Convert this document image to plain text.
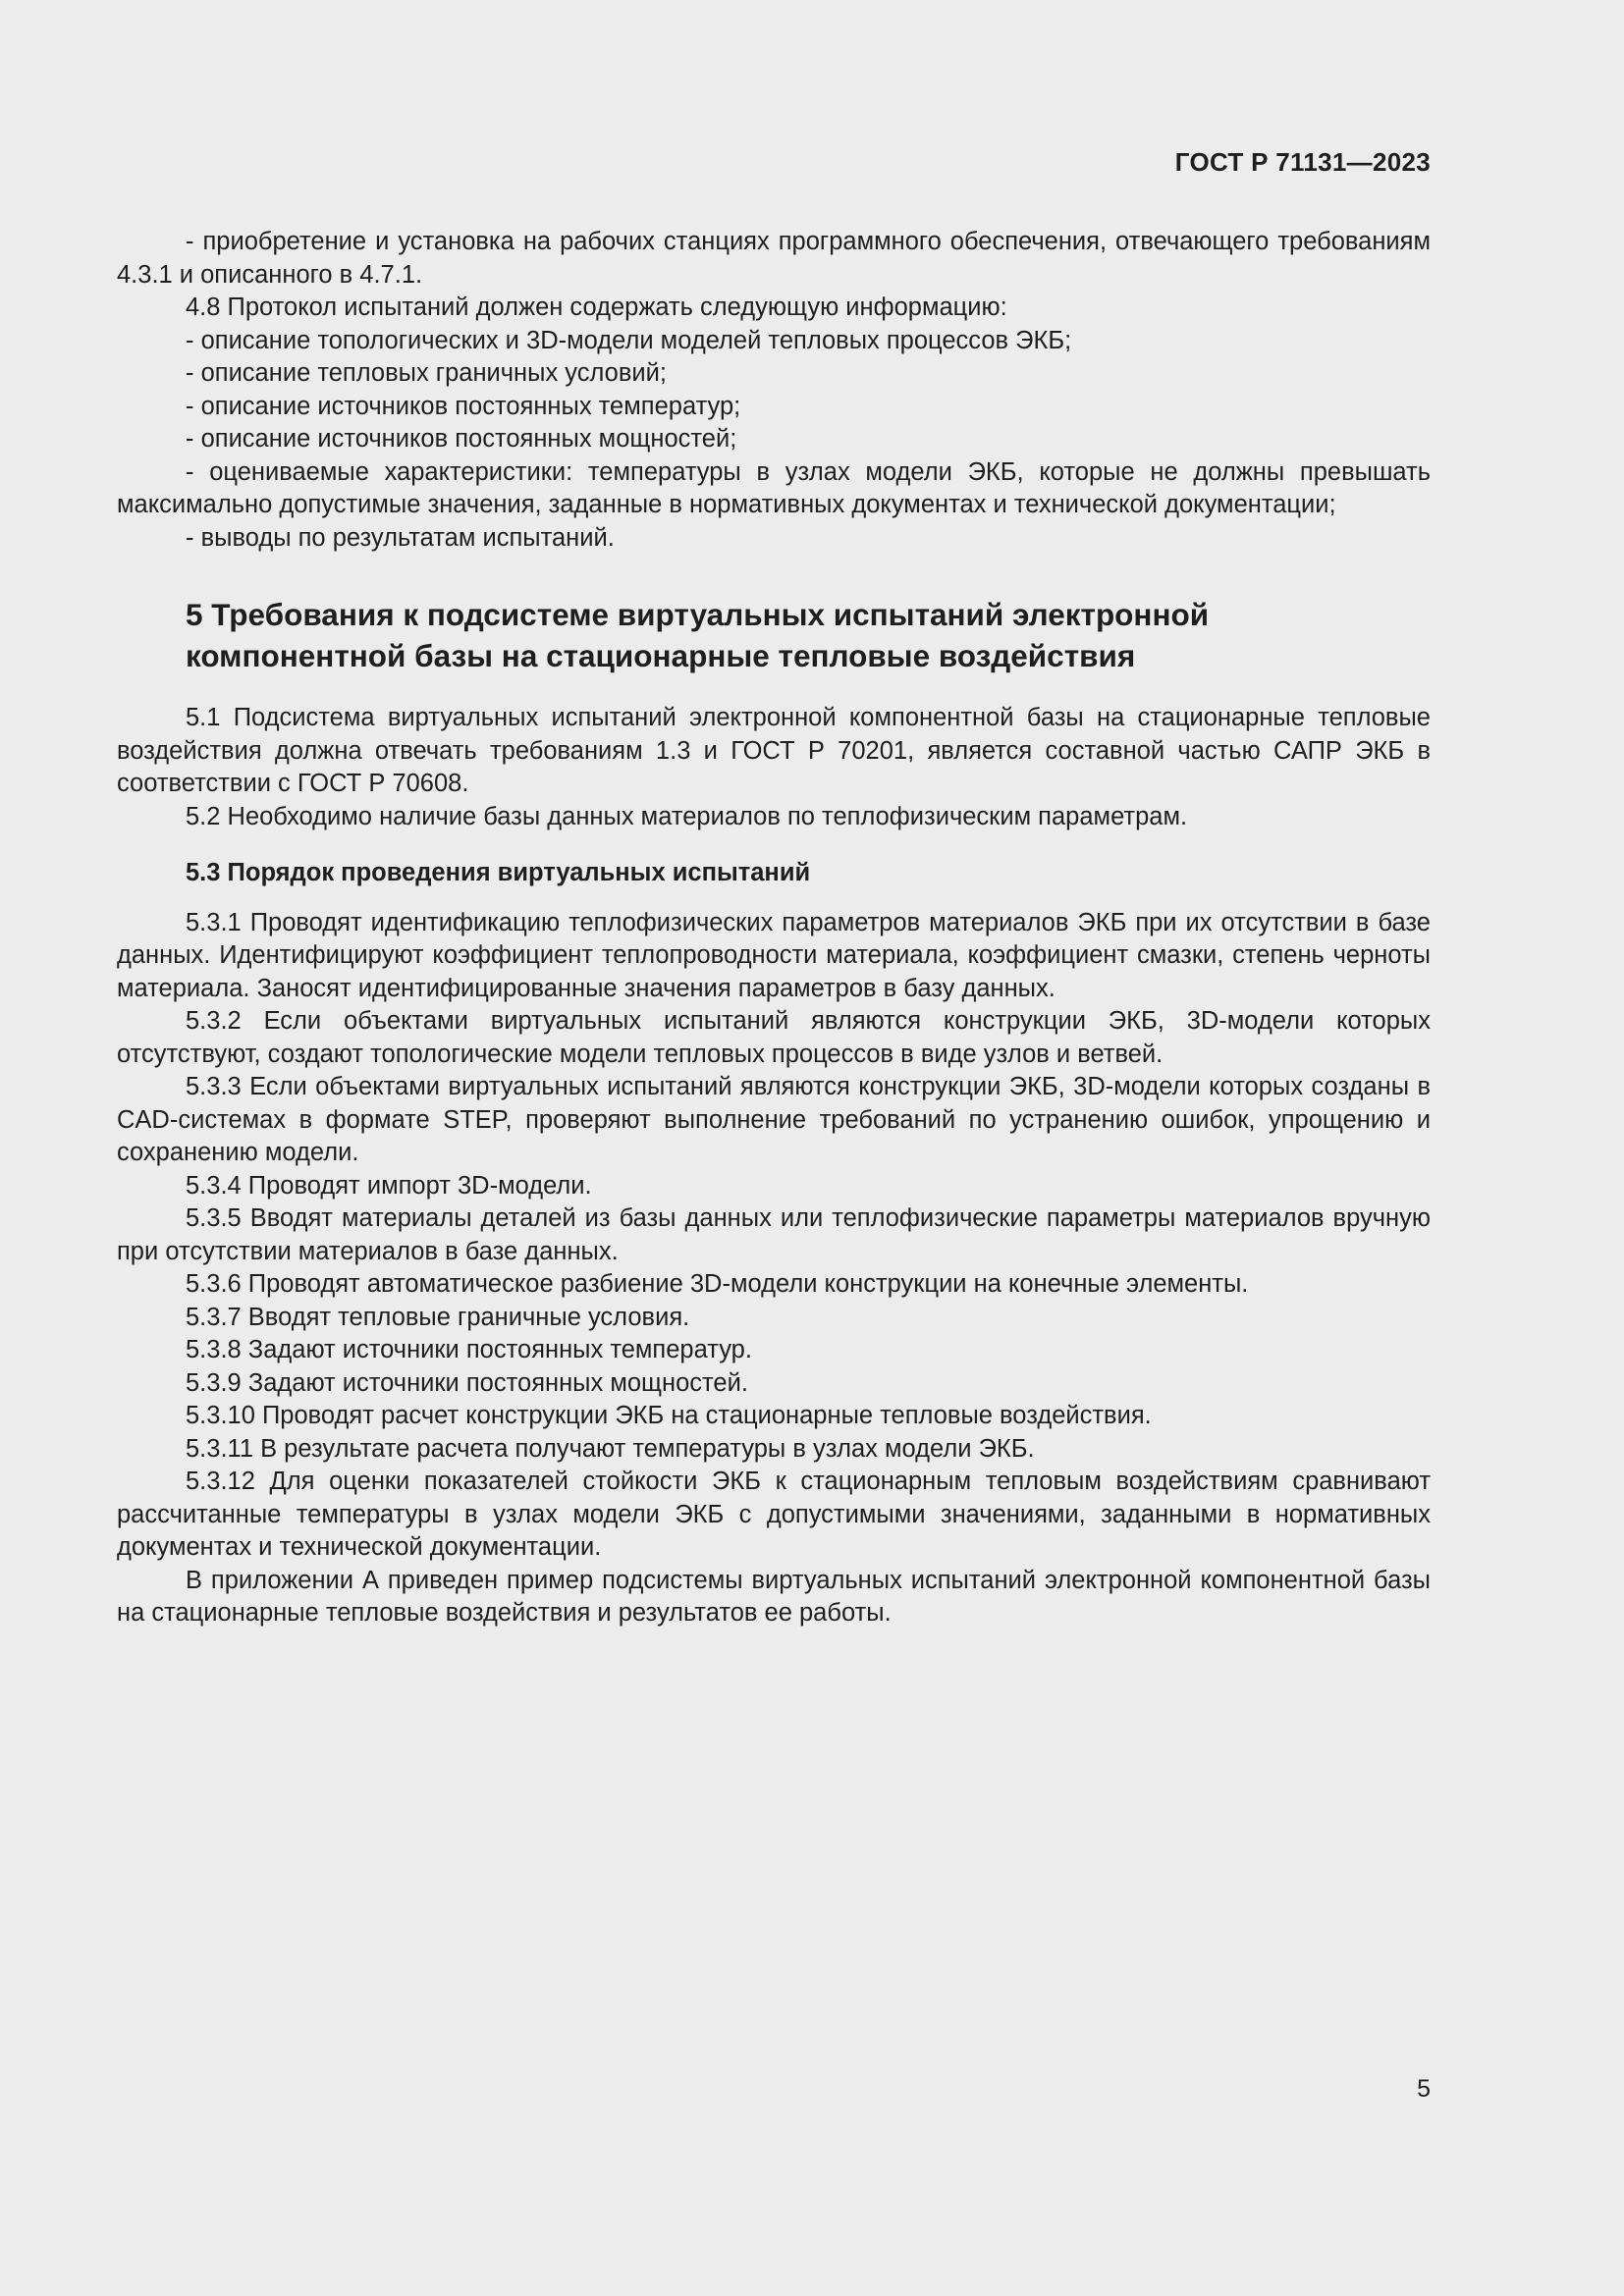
ГОСТ Р 71131—2023

- приобретение и установка на рабочих станциях программного обеспечения, отвечающего требованиям 4.3.1 и описанного в 4.7.1.

4.8 Протокол испытаний должен содержать следующую информацию:

- описание топологических и 3D-модели моделей тепловых процессов ЭКБ;

- описание тепловых граничных условий;

- описание источников постоянных температур;

- описание источников постоянных мощностей;

- оцениваемые характеристики: температуры в узлах модели ЭКБ, которые не должны превышать максимально допустимые значения, заданные в нормативных документах и технической документации;

- выводы по результатам испытаний.

5 Требования к подсистеме виртуальных испытаний электронной
компонентной базы на стационарные тепловые воздействия

5.1 Подсистема виртуальных испытаний электронной компонентной базы на стационарные тепловые воздействия должна отвечать требованиям 1.3 и ГОСТ Р 70201, является составной частью САПР ЭКБ в соответствии с ГОСТ Р 70608.

5.2 Необходимо наличие базы данных материалов по теплофизическим параметрам.

5.3 Порядок проведения виртуальных испытаний

5.3.1 Проводят идентификацию теплофизических параметров материалов ЭКБ при их отсутствии в базе данных. Идентифицируют коэффициент теплопроводности материала, коэффициент смазки, степень черноты материала. Заносят идентифицированные значения параметров в базу данных.

5.3.2 Если объектами виртуальных испытаний являются конструкции ЭКБ, 3D-модели которых отсутствуют, создают топологические модели тепловых процессов в виде узлов и ветвей.

5.3.3 Если объектами виртуальных испытаний являются конструкции ЭКБ, 3D-модели которых созданы в CAD-системах в формате STEP, проверяют выполнение требований по устранению ошибок, упрощению и сохранению модели.

5.3.4 Проводят импорт 3D-модели.

5.3.5 Вводят материалы деталей из базы данных или теплофизические параметры материалов вручную при отсутствии материалов в базе данных.

5.3.6 Проводят автоматическое разбиение 3D-модели конструкции на конечные элементы.

5.3.7 Вводят тепловые граничные условия.

5.3.8 Задают источники постоянных температур.

5.3.9 Задают источники постоянных мощностей.

5.3.10 Проводят расчет конструкции ЭКБ на стационарные тепловые воздействия.

5.3.11 В результате расчета получают температуры в узлах модели ЭКБ.

5.3.12 Для оценки показателей стойкости ЭКБ к стационарным тепловым воздействиям сравнивают рассчитанные температуры в узлах модели ЭКБ с допустимыми значениями, заданными в нормативных документах и технической документации.

В приложении А приведен пример подсистемы виртуальных испытаний электронной компонентной базы на стационарные тепловые воздействия и результатов ее работы.

5
